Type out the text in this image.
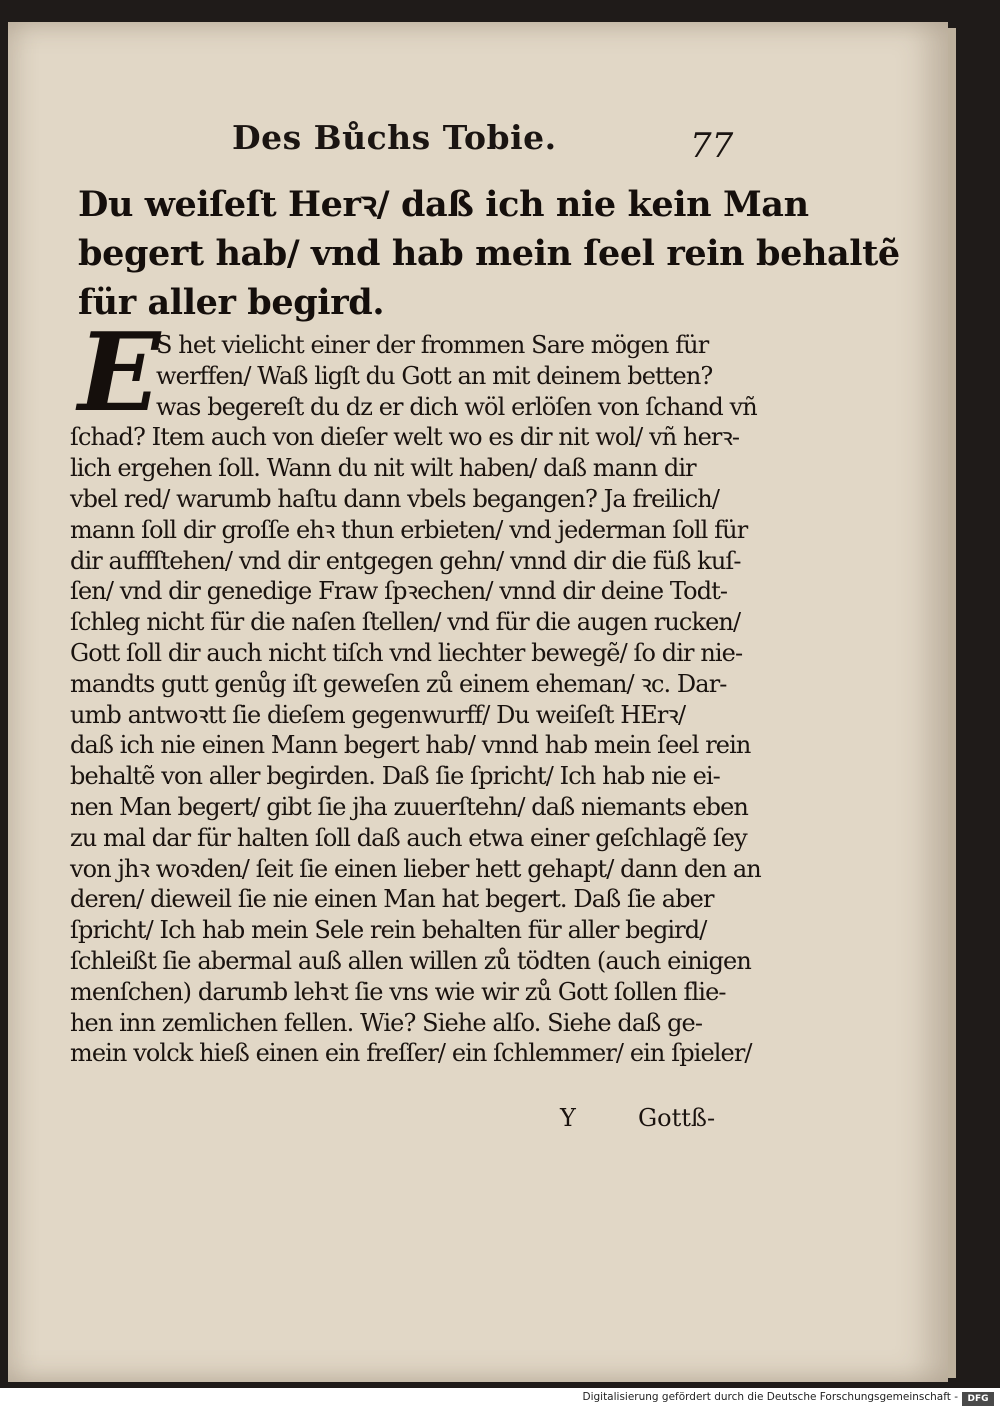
Des Bůchs Tobie.	77
Du weiſeſt Herꝛ/ daß ich nie kein Man
begert hab/ vnd hab mein ſeel rein behaltẽ
für aller begird.
E
S het vielicht einer der frommen Sare mögen für
werffen/ Waß ligſt du Gott an mit deinem betten?
was begereſt du dz er dich wöl erlöſen von ſchand vñ
ſchad? Item auch von dieſer welt wo es dir nit wol/ vñ herꝛ‑
lich ergehen ſoll. Wann du nit wilt haben/ daß mann dir
vbel red/ warumb haſtu dann vbels begangen? Ja freilich/
mann ſoll dir groſſe ehꝛ thun erbieten/ vnd jederman ſoll für
dir auffſtehen/ vnd dir entgegen gehn/ vnnd dir die füß kuſ‑
ſen/ vnd dir genedige Fraw ſpꝛechen/ vnnd dir deine Todt‑
ſchleg nicht für die naſen ſtellen/ vnd für die augen rucken/
Gott ſoll dir auch nicht tiſch vnd liechter bewegẽ/ ſo dir nie‑
mandts gutt genůg iſt geweſen zů einem eheman/ ꝛc. Dar‑
umb antwoꝛtt ſie dieſem gegenwurff/ Du weiſeſt HErꝛ/
daß ich nie einen Mann begert hab/ vnnd hab mein ſeel rein
behaltẽ von aller begirden. Daß ſie ſpricht/ Ich hab nie ei‑
nen Man begert/ gibt ſie jha zuuerſtehn/ daß niemants eben
zu mal dar für halten ſoll daß auch etwa einer geſchlagẽ ſey
von jhꝛ woꝛden/ ſeit ſie einen lieber hett gehapt/ dann den an
deren/ dieweil ſie nie einen Man hat begert. Daß ſie aber
ſpricht/ Ich hab mein Sele rein behalten für aller begird/
ſchleißt ſie abermal auß allen willen zů tödten (auch einigen
menſchen) darumb lehꝛt ſie vns wie wir zů Gott ſollen flie‑
hen inn zemlichen fellen. Wie? Siehe alſo. Siehe daß ge‑
mein volck hieß einen ein freſſer/ ein ſchlemmer/ ein ſpieler/
Y	Gottß‑
Digitalisierung gefördert durch die Deutsche Forschungsgemeinschaft -	DFG
